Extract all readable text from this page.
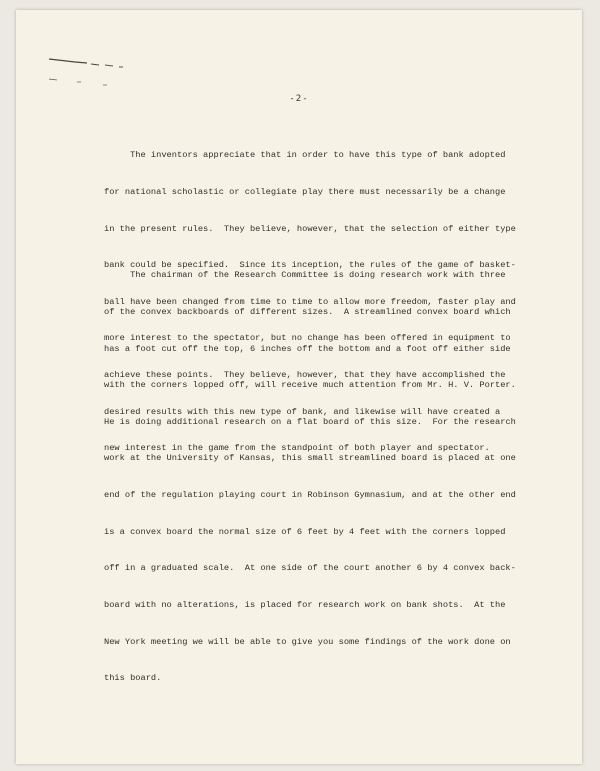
-2-

The inventors appreciate that in order to have this type of bank adopted

for national scholastic or collegiate play there must necessarily be a change

in the present rules.  They believe, however, that the selection of either type

bank could be specified.  Since its inception, the rules of the game of basket-

ball have been changed from time to time to allow more freedom, faster play and

more interest to the spectator, but no change has been offered in equipment to

achieve these points.  They believe, however, that they have accomplished the

desired results with this new type of bank, and likewise will have created a

new interest in the game from the standpoint of both player and spectator.

The chairman of the Research Committee is doing research work with three

of the convex backboards of different sizes.  A streamlined convex board which

has a foot cut off the top, 6 inches off the bottom and a foot off either side

with the corners lopped off, will receive much attention from Mr. H. V. Porter.

He is doing additional research on a flat board of this size.  For the research

work at the University of Kansas, this small streamlined board is placed at one

end of the regulation playing court in Robinson Gymnasium, and at the other end

is a convex board the normal size of 6 feet by 4 feet with the corners lopped

off in a graduated scale.  At one side of the court another 6 by 4 convex back-

board with no alterations, is placed for research work on bank shots.  At the

New York meeting we will be able to give you some findings of the work done on

this board.
